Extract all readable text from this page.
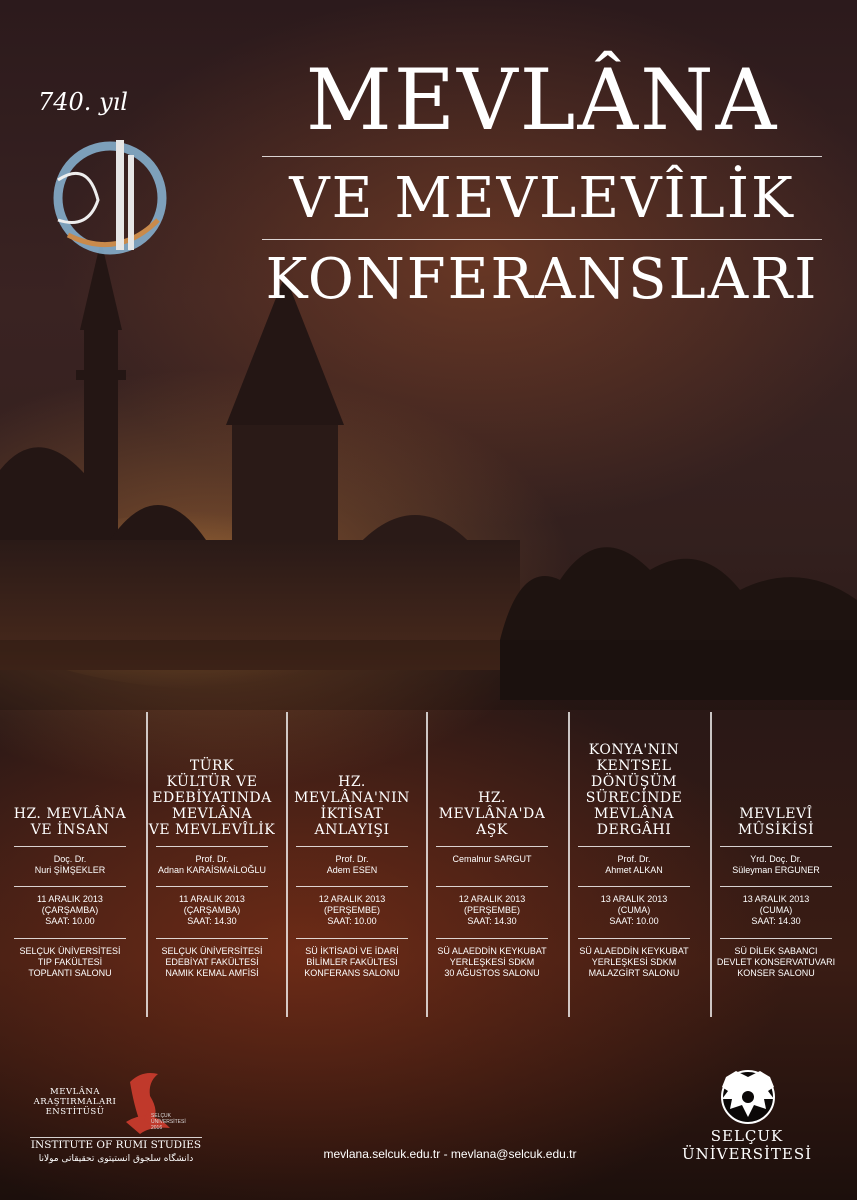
740. yıl	MEVLÂNA
VE MEVLEVÎLİK
KONFERANSLARI
HZ. MEVLÂNA
VE İNSAN
Doç. Dr.
Nuri ŞİMŞEKLER
11 ARALIK 2013
(ÇARŞAMBA)
SAAT: 10.00
SELÇUK ÜNİVERSİTESİ
TIP FAKÜLTESİ
TOPLANTI SALONU
TÜRK
KÜLTÜR VE
EDEBİYATINDA
MEVLÂNA
VE MEVLEVÎLİK
Prof. Dr.
Adnan KARAİSMAİLOĞLU
11 ARALIK 2013
(ÇARŞAMBA)
SAAT: 14.30
SELÇUK ÜNİVERSİTESİ
EDEBİYAT FAKÜLTESİ
NAMIK KEMAL AMFİSİ
HZ.
MEVLÂNA'NIN
İKTİSAT
ANLAYIŞI
Prof. Dr.
Adem ESEN
12 ARALIK 2013
(PERŞEMBE)
SAAT: 10.00
SÜ İKTİSADİ VE İDARİ
BİLİMLER FAKÜLTESİ
KONFERANS SALONU
HZ.
MEVLÂNA'DA
AŞK
Cemalnur SARGUT
12 ARALIK 2013
(PERŞEMBE)
SAAT: 14.30
SÜ ALAEDDİN KEYKUBAT
YERLEŞKESİ SDKM
30 AĞUSTOS SALONU
KONYA'NIN
KENTSEL
DÖNÜŞÜM
SÜRECİNDE
MEVLÂNA
DERGÂHI
Prof. Dr.
Ahmet ALKAN
13 ARALIK 2013
(CUMA)
SAAT: 10.00
SÜ ALAEDDİN KEYKUBAT
YERLEŞKESİ SDKM
MALAZGİRT SALONU
MEVLEVÎ
MÛSİKİSİ
Yrd. Doç. Dr.
Süleyman ERGUNER
13 ARALIK 2013
(CUMA)
SAAT: 14.30
SÜ DİLEK SABANCI
DEVLET KONSERVATUVARI
KONSER SALONU
MEVLÂNA
ARAŞTIRMALARI
ENSTİTÜSÜ	SELÇUK
ÜNİVERSİTESİ
2016
INSTITUTE OF RUMI STUDIES
دانشگاه سلجوق انستیتوی تحقیقاتی مولانا	mevlana.selcuk.edu.tr - mevlana@selcuk.edu.tr
SELÇUK
ÜNİVERSİTESİ
